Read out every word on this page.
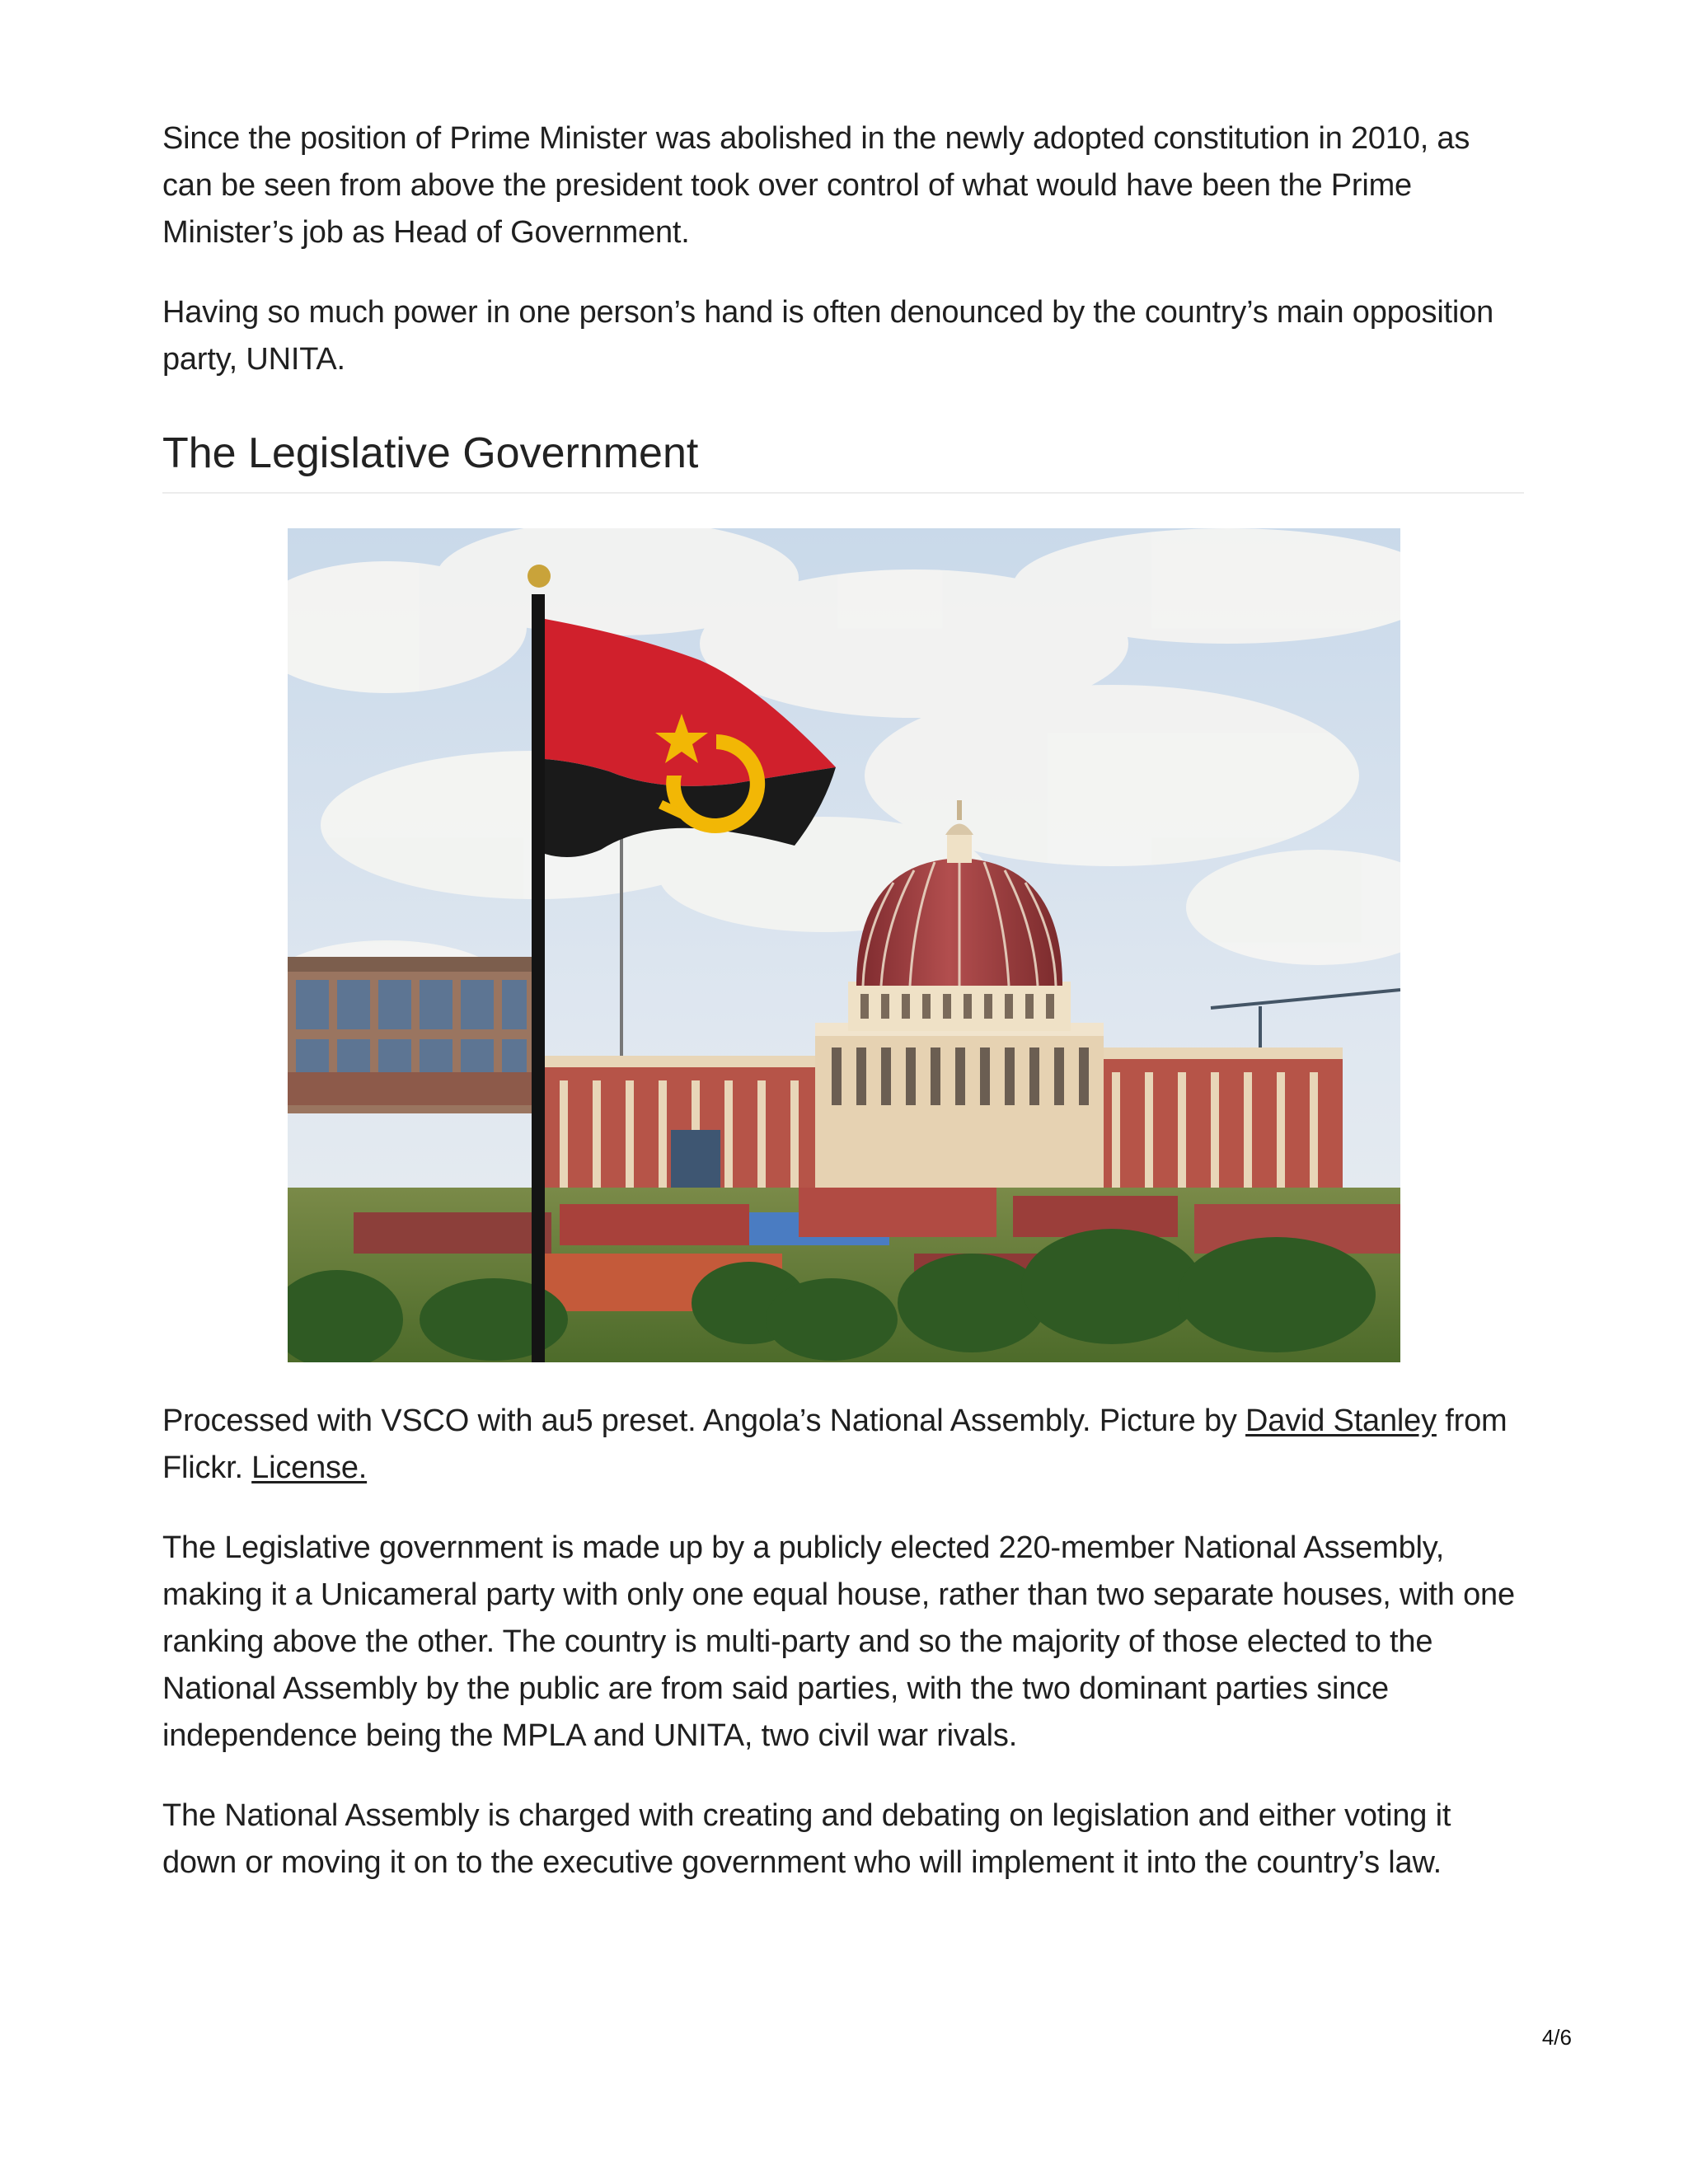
Since the position of Prime Minister was abolished in the newly adopted constitution in 2010, as can be seen from above the president took over control of what would have been the Prime Minister’s job as Head of Government.

Having so much power in one person’s hand is often denounced by the country’s main opposition party, UNITA.

The Legislative Government

Processed with VSCO with au5 preset. Angola’s National Assembly. Picture by David Stanley from Flickr. License.

The Legislative government is made up by a publicly elected 220-member National Assembly, making it a Unicameral party with only one equal house, rather than two separate houses, with one ranking above the other. The country is multi-party and so the majority of those elected to the National Assembly by the public are from said parties, with the two dominant parties since independence being the MPLA and UNITA, two civil war rivals.

The National Assembly is charged with creating and debating on legislation and either voting it down or moving it on to the executive government who will implement it into the country’s law.

4/6
